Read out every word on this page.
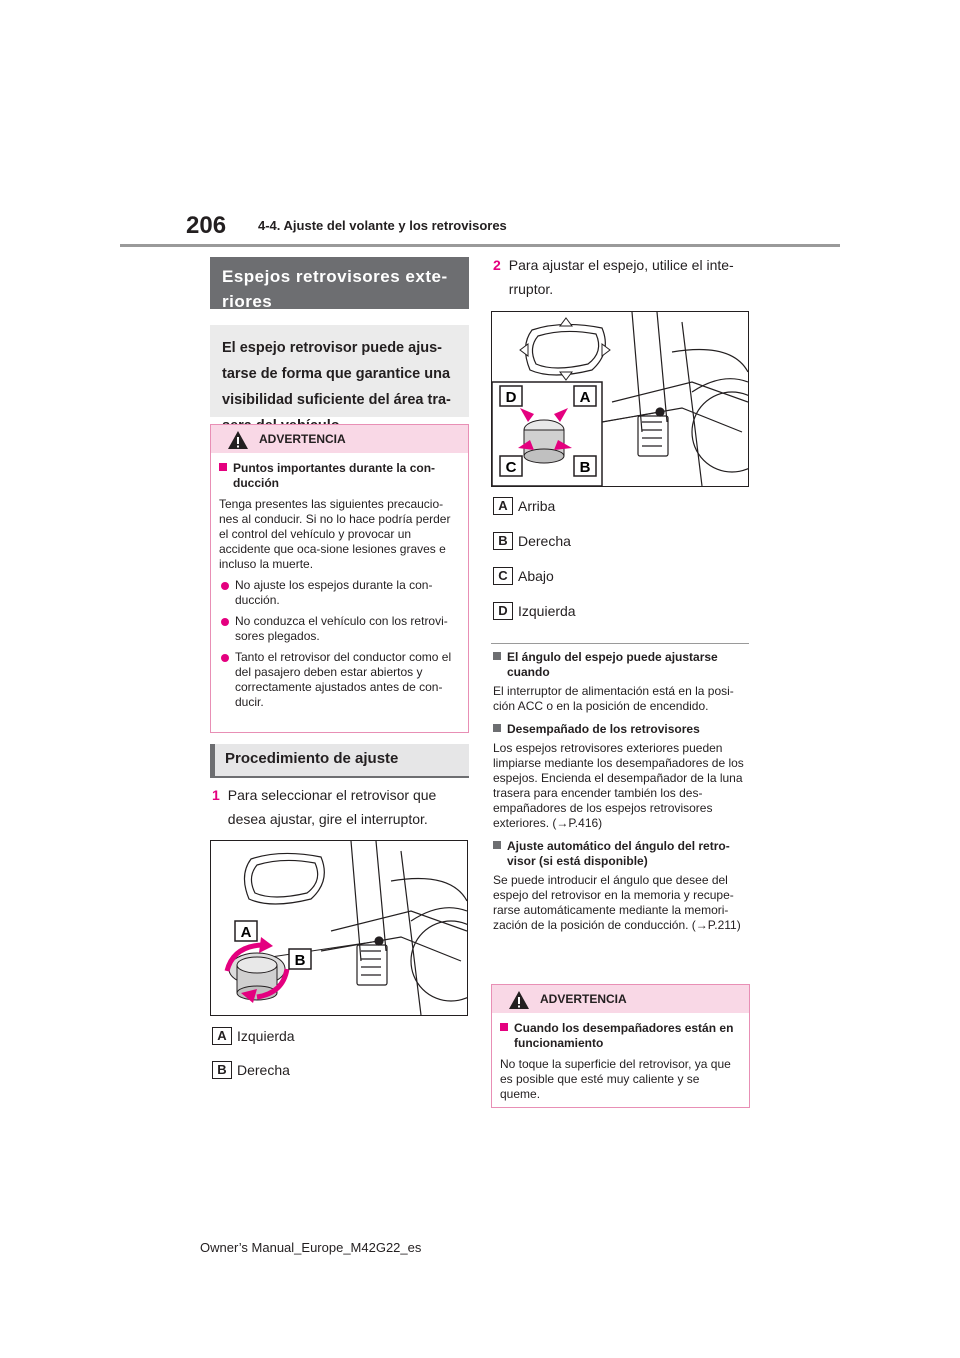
206 4-4. Ajuste del volante y los retrovisores
Espejos retrovisores exte-riores
El espejo retrovisor puede ajus-tarse de forma que garantice una visibilidad suficiente del área tra-
ADVERTENCIA
Puntos importantes durante la con-ducción
Tenga presentes las siguientes precaucio-nes al conducir. Si no lo hace podría perder el control del vehículo y provocar un accidente que oca-sione lesiones graves e incluso la muerte.
No ajuste los espejos durante la con-ducción.
No conduzca el vehículo con los retrovi-sores plegados.
Tanto el retrovisor del conductor como el del pasajero deben estar abiertos y correctamente ajustados antes de con-ducir.
Procedimiento de ajuste
1 Para seleccionar el retrovisor que desea ajustar, gire el interruptor.
A
B
A Izquierda
B Derecha
2 Para ajustar el espejo, utilice el inte-rruptor.
D	A
C	B
A Arriba
B Derecha
C Abajo
D Izquierda
El ángulo del espejo puede ajustarse cuando
El interruptor de alimentación está en la posi-ción ACC o en la posición de encendido.
Desempañado de los retrovisores
Los espejos retrovisores exteriores pueden limpiarse mediante los desempañadores de los espejos. Encienda el desempañador de la luna trasera para encender también los des-empañadores de los espejos retrovisores exteriores. (→P.416)
Ajuste automático del ángulo del retro-visor (si está disponible)
Se puede introducir el ángulo que desee del espejo del retrovisor en la memoria y recupe-rarse automáticamente mediante la memori-zación de la posición de conducción. (→P.211)
ADVERTENCIA
Cuando los desempañadores están en funcionamiento
No toque la superficie del retrovisor, ya que es posible que esté muy caliente y se queme.
Owner’s Manual_Europe_M42G22_es
